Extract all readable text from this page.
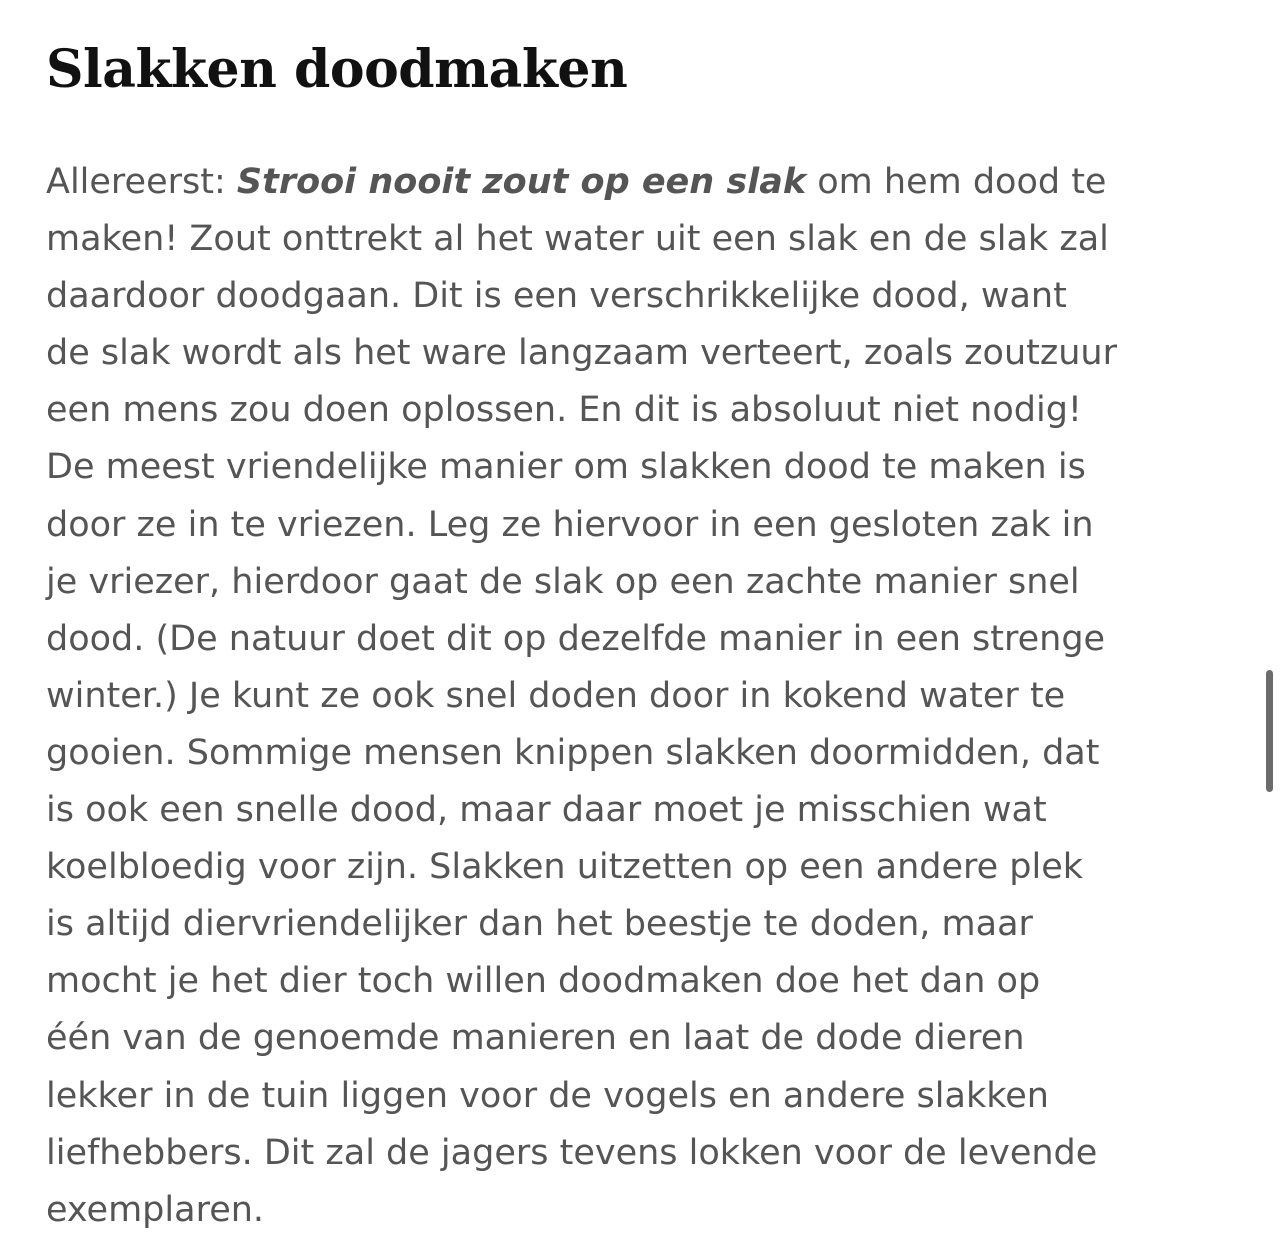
Slakken doodmaken

Allereerst: Strooi nooit zout op een slak om hem dood te
maken! Zout onttrekt al het water uit een slak en de slak zal
daardoor doodgaan. Dit is een verschrikkelijke dood, want
de slak wordt als het ware langzaam verteert, zoals zoutzuur
een mens zou doen oplossen. En dit is absoluut niet nodig!
De meest vriendelijke manier om slakken dood te maken is
door ze in te vriezen. Leg ze hiervoor in een gesloten zak in
je vriezer, hierdoor gaat de slak op een zachte manier snel
dood. (De natuur doet dit op dezelfde manier in een strenge
winter.) Je kunt ze ook snel doden door in kokend water te
gooien. Sommige mensen knippen slakken doormidden, dat
is ook een snelle dood, maar daar moet je misschien wat
koelbloedig voor zijn. Slakken uitzetten op een andere plek
is altijd diervriendelijker dan het beestje te doden, maar
mocht je het dier toch willen doodmaken doe het dan op
één van de genoemde manieren en laat de dode dieren
lekker in de tuin liggen voor de vogels en andere slakken
liefhebbers. Dit zal de jagers tevens lokken voor de levende
exemplaren.
